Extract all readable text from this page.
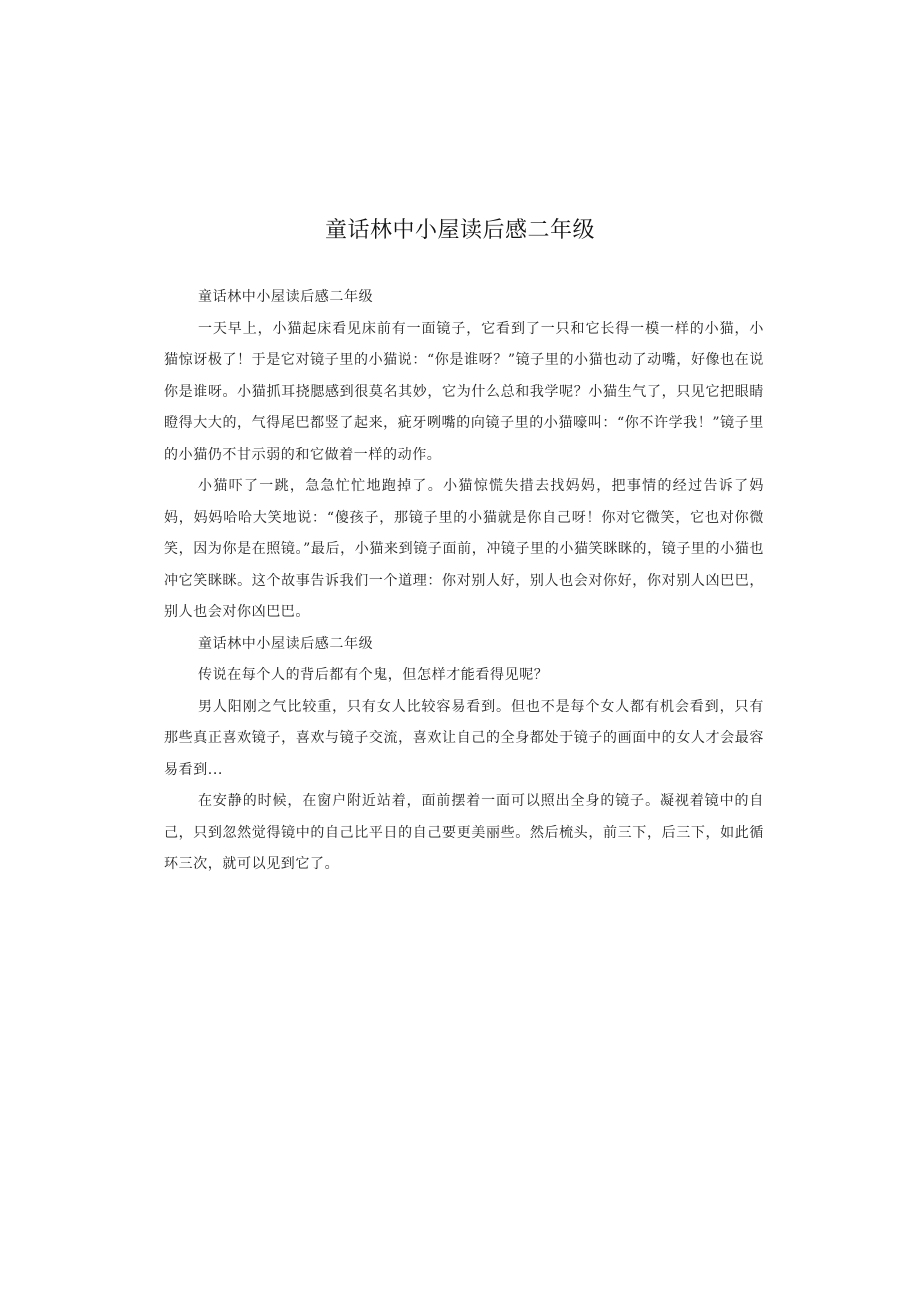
童话林中小屋读后感二年级

童话林中小屋读后感二年级

一天早上，小猫起床看见床前有一面镜子，它看到了一只和它长得一模一样的小猫，小猫惊讶极了！于是它对镜子里的小猫说：“你是谁呀？”镜子里的小猫也动了动嘴，好像也在说你是谁呀。小猫抓耳挠腮感到很莫名其妙，它为什么总和我学呢？小猫生气了，只见它把眼睛瞪得大大的，气得尾巴都竖了起来，疵牙咧嘴的向镜子里的小猫嚎叫：“你不许学我！”镜子里的小猫仍不甘示弱的和它做着一样的动作。

小猫吓了一跳，急急忙忙地跑掉了。小猫惊慌失措去找妈妈，把事情的经过告诉了妈妈，妈妈哈哈大笑地说：“傻孩子，那镜子里的小猫就是你自己呀！你对它微笑，它也对你微笑，因为你是在照镜。”最后，小猫来到镜子面前，冲镜子里的小猫笑眯眯的，镜子里的小猫也冲它笑眯眯。这个故事告诉我们一个道理：你对别人好，别人也会对你好，你对别人凶巴巴，别人也会对你凶巴巴。

童话林中小屋读后感二年级

传说在每个人的背后都有个鬼，但怎样才能看得见呢？

男人阳刚之气比较重，只有女人比较容易看到。但也不是每个女人都有机会看到，只有那些真正喜欢镜子，喜欢与镜子交流，喜欢让自己的全身都处于镜子的画面中的女人才会最容易看到...

在安静的时候，在窗户附近站着，面前摆着一面可以照出全身的镜子。凝视着镜中的自己，只到忽然觉得镜中的自己比平日的自己要更美丽些。然后梳头，前三下，后三下，如此循环三次，就可以见到它了。
